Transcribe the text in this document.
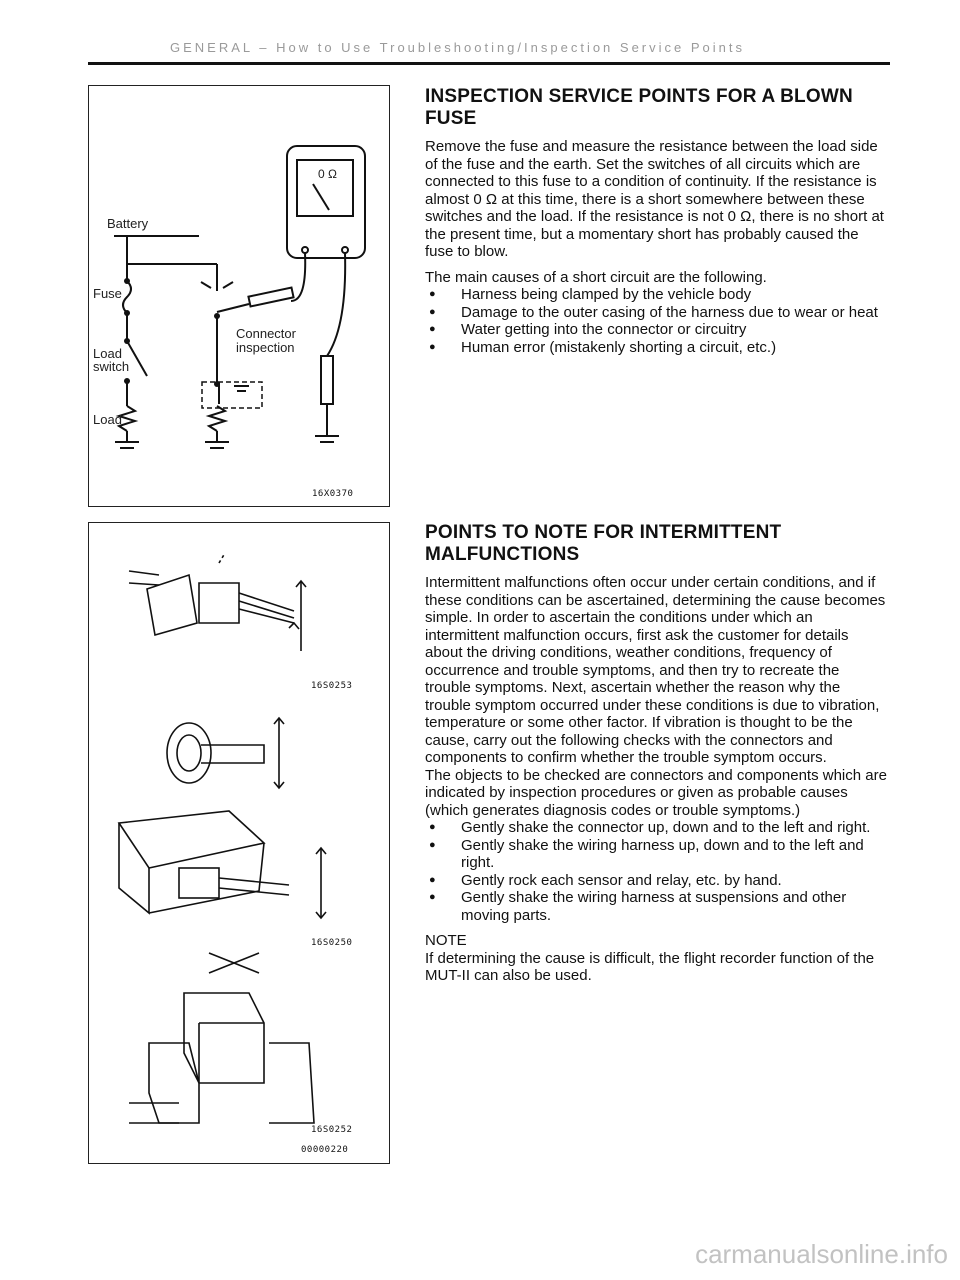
GENERAL – How to Use Troubleshooting/Inspection Service Points
Battery
Fuse
Load
switch
Load
Connector
inspection
0 Ω
16X0370
16S0253
16S0250
16S0252
00000220
INSPECTION SERVICE POINTS FOR A BLOWN FUSE

Remove the fuse and measure the resistance between the load side of the fuse and the earth. Set the switches of all circuits which are connected to this fuse to a condition of continuity. If the resistance is almost 0 Ω at this time, there is a short somewhere between these switches and the load. If the resistance is not 0 Ω, there is no short at the present time, but a momentary short has probably caused the fuse to blow.

The main causes of a short circuit are the following.

● Harness being clamped by the vehicle body
● Damage to the outer casing of the harness due to wear or heat
● Water getting into the connector or circuitry
● Human error (mistakenly shorting a circuit, etc.)
POINTS TO NOTE FOR INTERMITTENT MALFUNCTIONS

Intermittent malfunctions often occur under certain conditions, and if these conditions can be ascertained, determining the cause becomes simple. In order to ascertain the conditions under which an intermittent malfunction occurs, first ask the customer for details about the driving conditions, weather conditions, frequency of occurrence and trouble symptoms, and then try to recreate the trouble symptoms. Next, ascertain whether the reason why the trouble symptom occurred under these conditions is due to vibration, temperature or some other factor. If vibration is thought to be the cause, carry out the following checks with the connectors and components to confirm whether the trouble symptom occurs.

The objects to be checked are connectors and components which are indicated by inspection procedures or given as probable causes (which generates diagnosis codes or trouble symptoms.)

● Gently shake the connector up, down and to the left and right.
● Gently shake the wiring harness up, down and to the left and right.
● Gently rock each sensor and relay, etc. by hand.
● Gently shake the wiring harness at suspensions and other moving parts.

NOTE

If determining the cause is difficult, the flight recorder function of the MUT-II can also be used.

carmanualsonline.info
